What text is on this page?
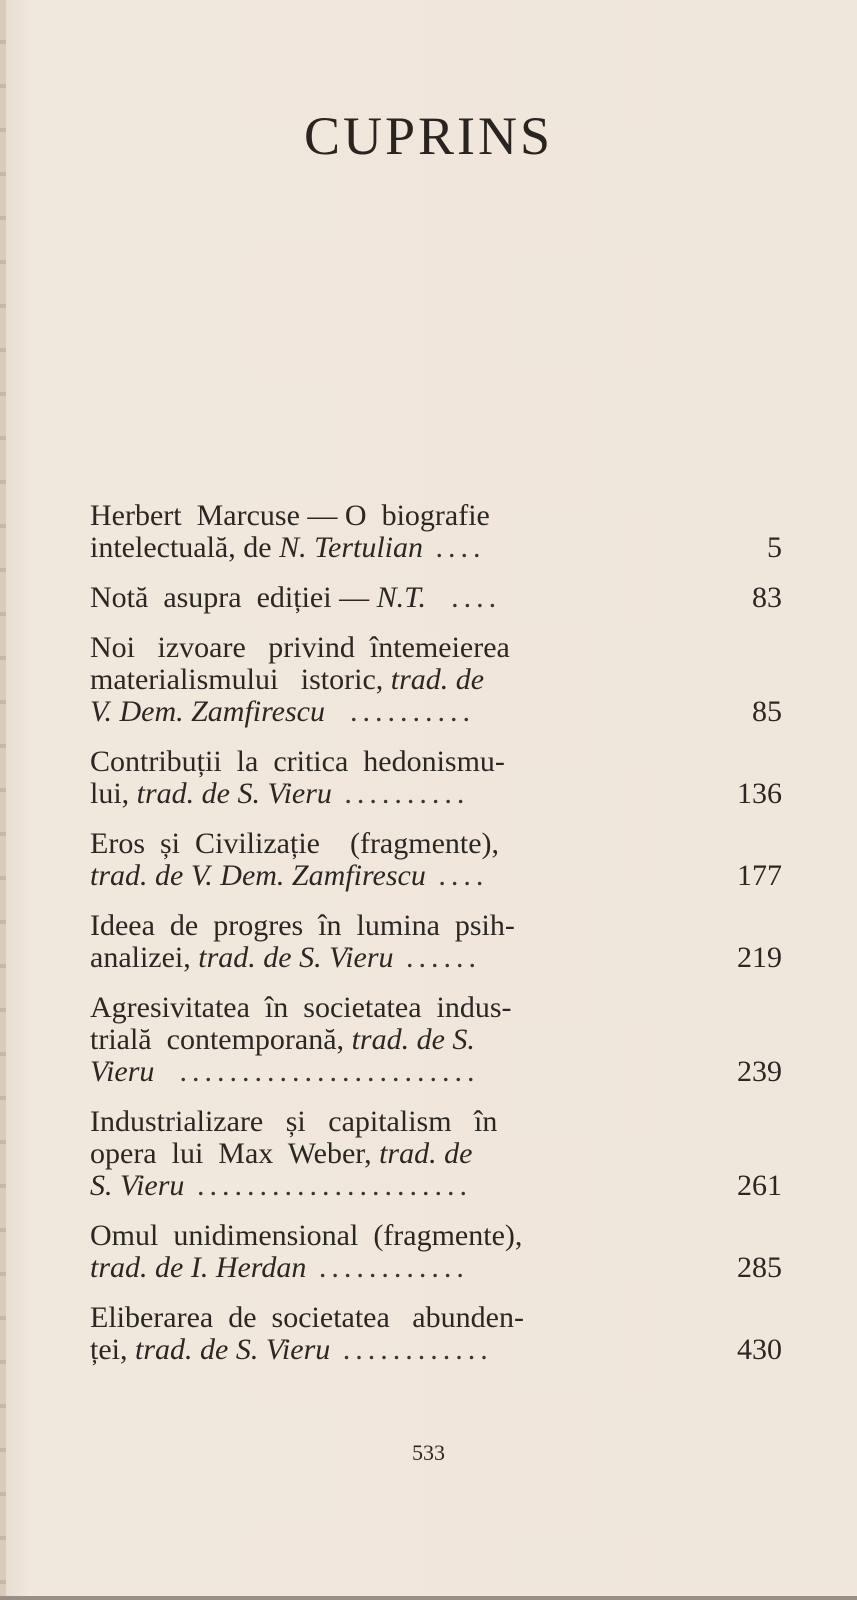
CUPRINS
Herbert  Marcuse — O  biografie
intelectuală, de N. Tertulian ....	5
Notă  asupra  ediției — N.T.  ....	83
Noi   izvoare   privind  întemeierea
materialismului   istoric, trad. de
V. Dem. Zamfirescu  ..........	85
Contribuții  la  critica  hedonismu-
lui, trad. de S. Vieru ..........	136
Eros  și  Civilizație    (fragmente),
trad. de V. Dem. Zamfirescu ....	177
Ideea  de  progres  în  lumina  psih-
analizei, trad. de S. Vieru ......	219
Agresivitatea  în  societatea  indus-
trială  contemporană, trad. de S.
Vieru  ........................	239
Industrializare   și   capitalism   în
opera  lui  Max  Weber, trad. de
S. Vieru ......................	261
Omul  unidimensional  (fragmente),
trad. de I. Herdan ............	285
Eliberarea  de  societatea   abunden-
ței, trad. de S. Vieru ............	430
533
